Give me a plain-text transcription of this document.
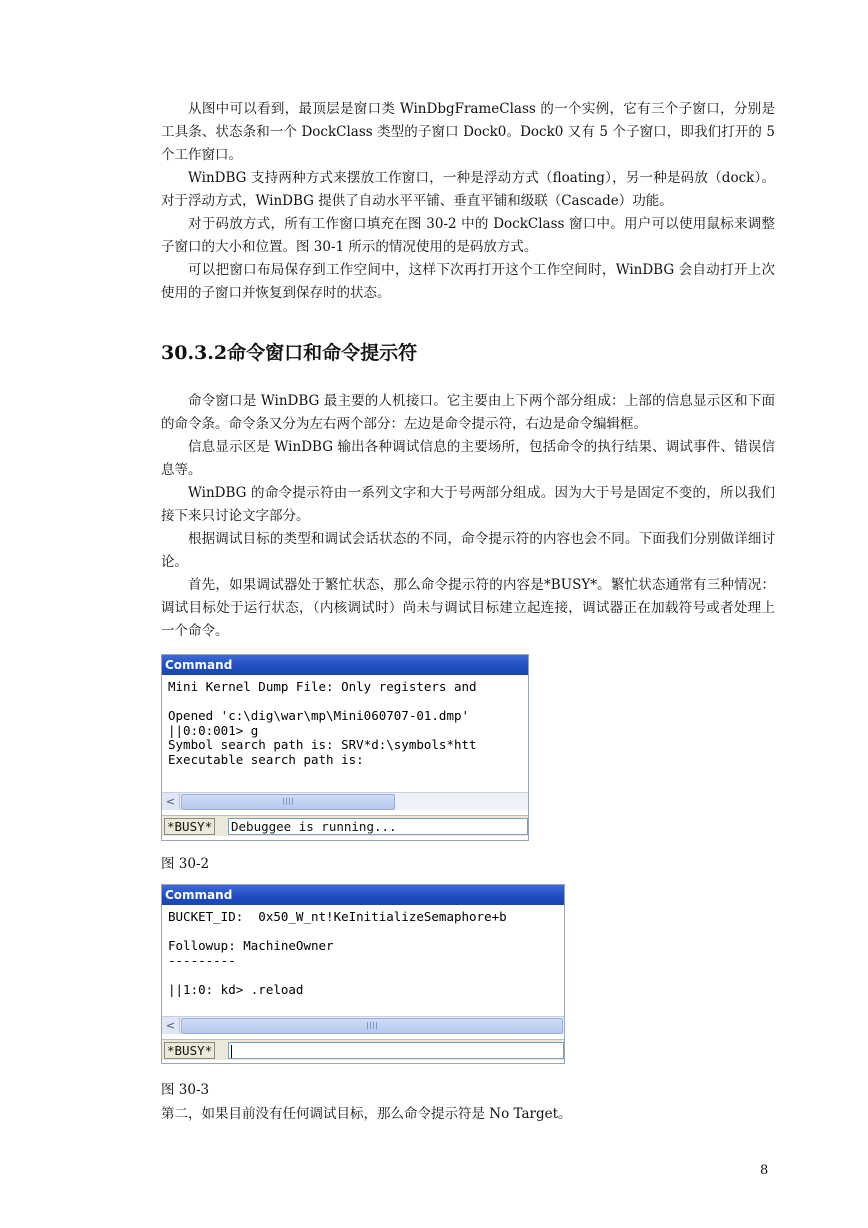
从图中可以看到，最顶层是窗口类 WinDbgFrameClass 的一个实例，它有三个子窗口，分别是工具条、状态条和一个 DockClass 类型的子窗口 Dock0。Dock0 又有 5 个子窗口，即我们打开的 5 个工作窗口。

WinDBG 支持两种方式来摆放工作窗口，一种是浮动方式（floating），另一种是码放（dock）。对于浮动方式，WinDBG 提供了自动水平平铺、垂直平铺和级联（Cascade）功能。

对于码放方式，所有工作窗口填充在图 30-2 中的 DockClass 窗口中。用户可以使用鼠标来调整子窗口的大小和位置。图 30-1 所示的情况使用的是码放方式。

可以把窗口布局保存到工作空间中，这样下次再打开这个工作空间时，WinDBG 会自动打开上次使用的子窗口并恢复到保存时的状态。

30.3.2命令窗口和命令提示符

命令窗口是 WinDBG 最主要的人机接口。它主要由上下两个部分组成：上部的信息显示区和下面的命令条。命令条又分为左右两个部分：左边是命令提示符，右边是命令编辑框。

信息显示区是 WinDBG 输出各种调试信息的主要场所，包括命令的执行结果、调试事件、错误信息等。

WinDBG 的命令提示符由一系列文字和大于号两部分组成。因为大于号是固定不变的，所以我们接下来只讨论文字部分。

根据调试目标的类型和调试会话状态的不同，命令提示符的内容也会不同。下面我们分别做详细讨论。

首先，如果调试器处于繁忙状态，那么命令提示符的内容是*BUSY*。繁忙状态通常有三种情况：调试目标处于运行状态，（内核调试时）尚未与调试目标建立起连接，调试器正在加载符号或者处理上一个命令。

Command
Mini Kernel Dump File: Only registers and

Opened 'c:\dig\war\mp\Mini060707-01.dmp'
||0:0:001> g
Symbol search path is: SRV*d:\symbols*htt
Executable search path is:
<
*BUSY* Debuggee is running...

图 30-2

Command
BUCKET_ID:  0x50_W_nt!KeInitializeSemaphore+b

Followup: MachineOwner
---------

||1:0: kd> .reload
<
*BUSY*

图 30-3

第二，如果目前没有任何调试目标，那么命令提示符是 No Target。

8
